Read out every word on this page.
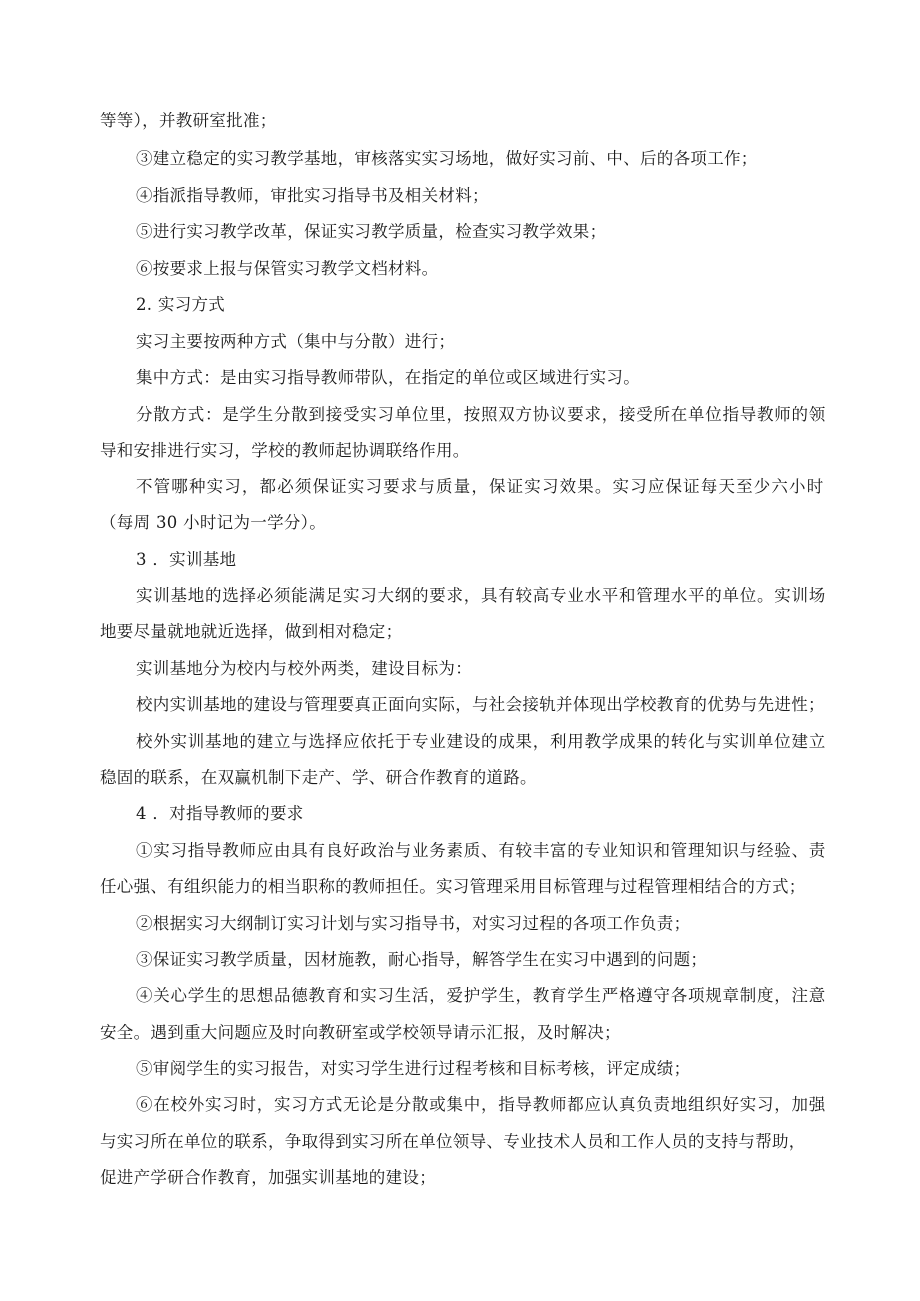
等等），并教研室批准；
③建立稳定的实习教学基地，审核落实实习场地，做好实习前、中、后的各项工作；
④指派指导教师，审批实习指导书及相关材料；
⑤进行实习教学改革，保证实习教学质量，检查实习教学效果；
⑥按要求上报与保管实习教学文档材料。
2. 实习方式
实习主要按两种方式（集中与分散）进行；
集中方式：是由实习指导教师带队，在指定的单位或区域进行实习。
分散方式：是学生分散到接受实习单位里，按照双方协议要求，接受所在单位指导教师的领
导和安排进行实习，学校的教师起协调联络作用。
不管哪种实习，都必须保证实习要求与质量，保证实习效果。实习应保证每天至少六小时
（每周 30 小时记为一学分）。
3 ．实训基地
实训基地的选择必须能满足实习大纲的要求，具有较高专业水平和管理水平的单位。实训场
地要尽量就地就近选择，做到相对稳定；
实训基地分为校内与校外两类，建设目标为：
校内实训基地的建设与管理要真正面向实际，与社会接轨并体现出学校教育的优势与先进性；
校外实训基地的建立与选择应依托于专业建设的成果，利用教学成果的转化与实训单位建立
稳固的联系，在双赢机制下走产、学、研合作教育的道路。
4 ．对指导教师的要求
①实习指导教师应由具有良好政治与业务素质、有较丰富的专业知识和管理知识与经验、责
任心强、有组织能力的相当职称的教师担任。实习管理采用目标管理与过程管理相结合的方式；
②根据实习大纲制订实习计划与实习指导书，对实习过程的各项工作负责；
③保证实习教学质量，因材施教，耐心指导，解答学生在实习中遇到的问题；
④关心学生的思想品德教育和实习生活，爱护学生，教育学生严格遵守各项规章制度，注意
安全。遇到重大问题应及时向教研室或学校领导请示汇报，及时解决；
⑤审阅学生的实习报告，对实习学生进行过程考核和目标考核，评定成绩；
⑥在校外实习时，实习方式无论是分散或集中，指导教师都应认真负责地组织好实习，加强
与实习所在单位的联系，争取得到实习所在单位领导、专业技术人员和工作人员的支持与帮助，
促进产学研合作教育，加强实训基地的建设；
